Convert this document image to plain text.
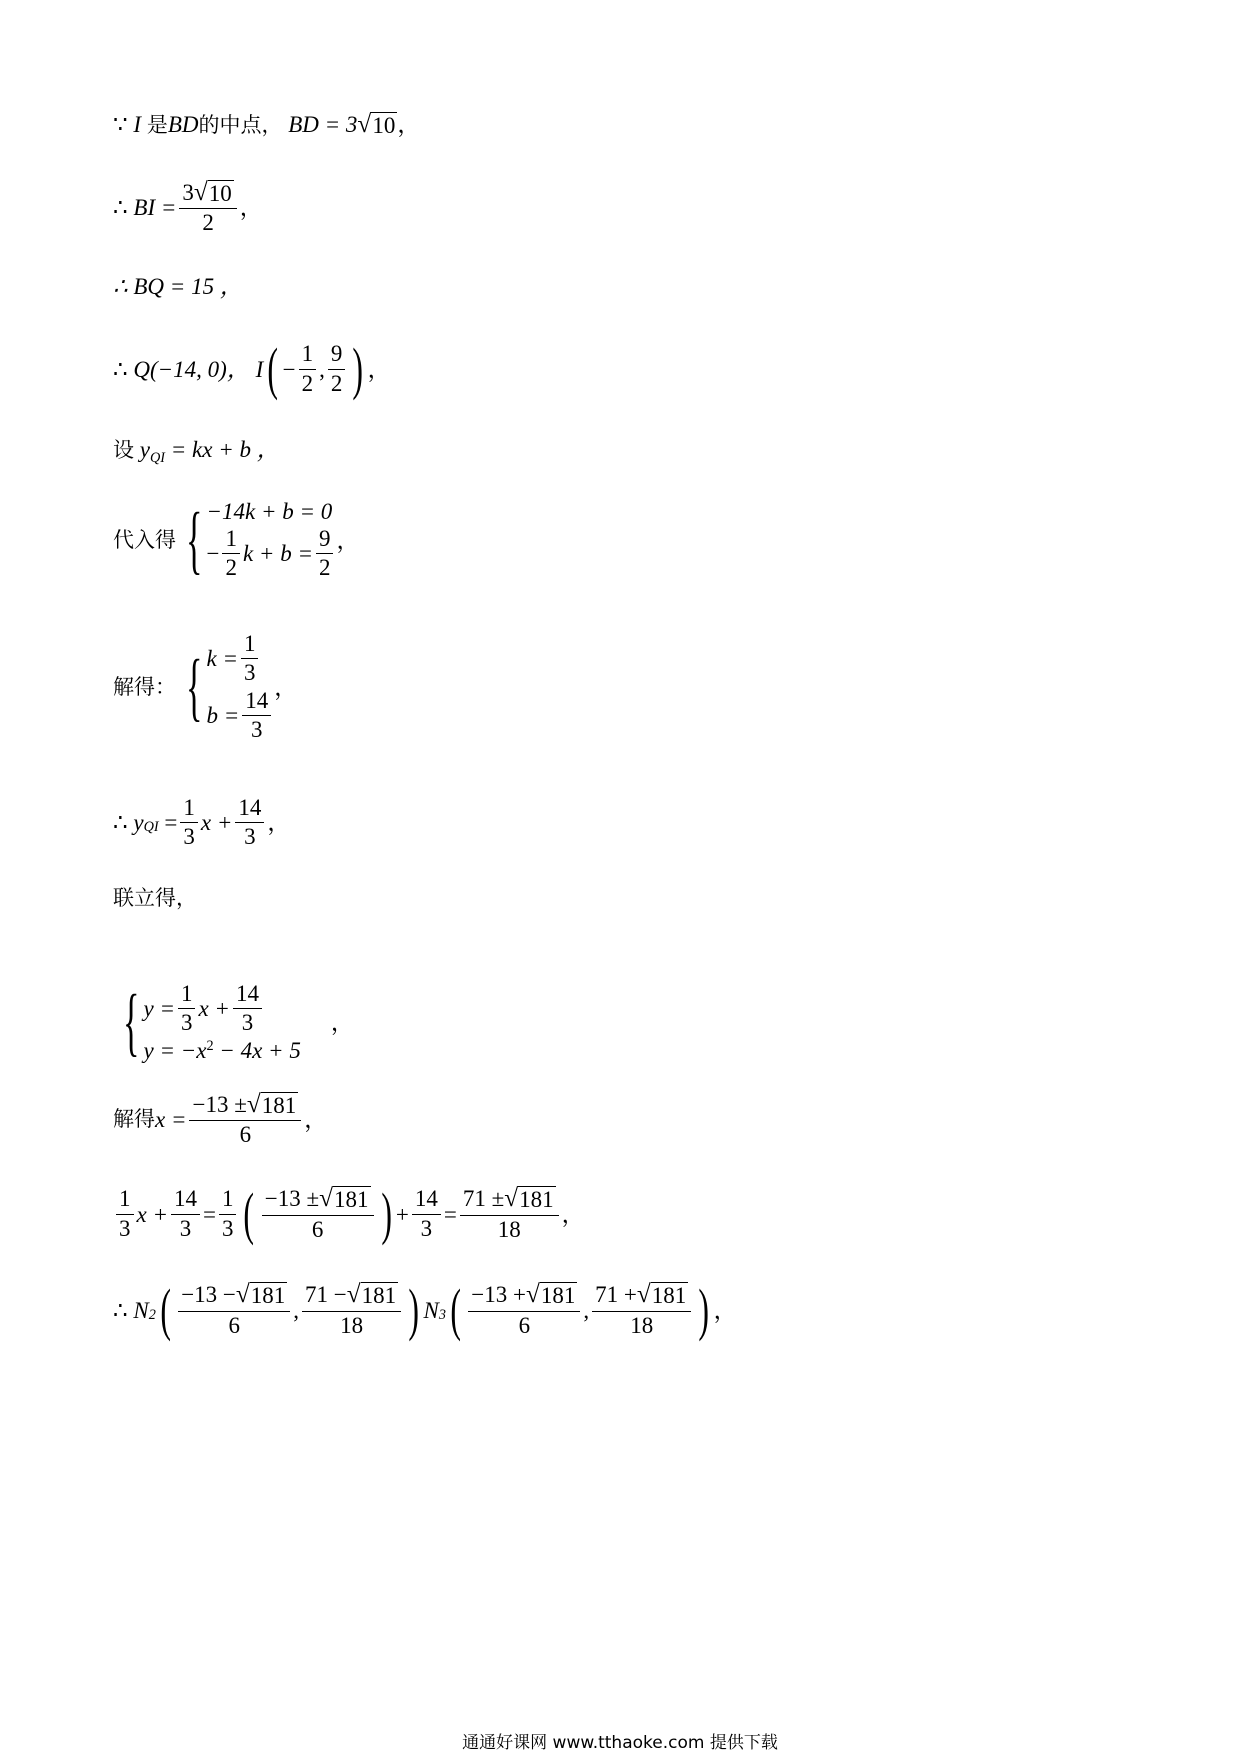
∵ I 是BD的中点， BD = 3 √ 10 ，
∴
BI = $\frac{3 √ 10}{2}$ ，
∴ BQ = 15 ，
∴
Q(−14, 0)，
I ( − $\frac{1}{2}$ , $\frac{9}{2}$ ) ，
设 $y_{QI}$ = kx + b ，
代入得 { −14k + b = 0
− $\frac{1}{2}$ $k + b = \frac{9}{2}$ ，
解得： { $k = \frac{1}{3}$
$b = \frac{14}{3}$
，
∴
y QI
= $\frac{1}{3}$ $x + \frac{14}{3}$ ，
联立得，
{ $y = \frac{1}{3}$ $x + \frac{14}{3}$
$y = -x^2 - 4x + 5$
，
解得 $x = \frac{-13 \pm √ 181}{6}$ ，
$\frac{1}{3}$ $x + \frac{14}{3} = \frac{1}{3}$ ( $\frac{-13 \pm √ 181}{6}$ ) + $\frac{14}{3} = \frac{71 \pm √ 181}{18}$ ，
∴
N 2 ( $\frac{-13 - √ 181}{6}$ , $\frac{71 - √ 181}{18}$ ) N 3 ( $\frac{-13 + √ 181}{6}$ , $\frac{71 + √ 181}{18}$ ) ，
通通好课网 www.tthaoke.com 提供下载
